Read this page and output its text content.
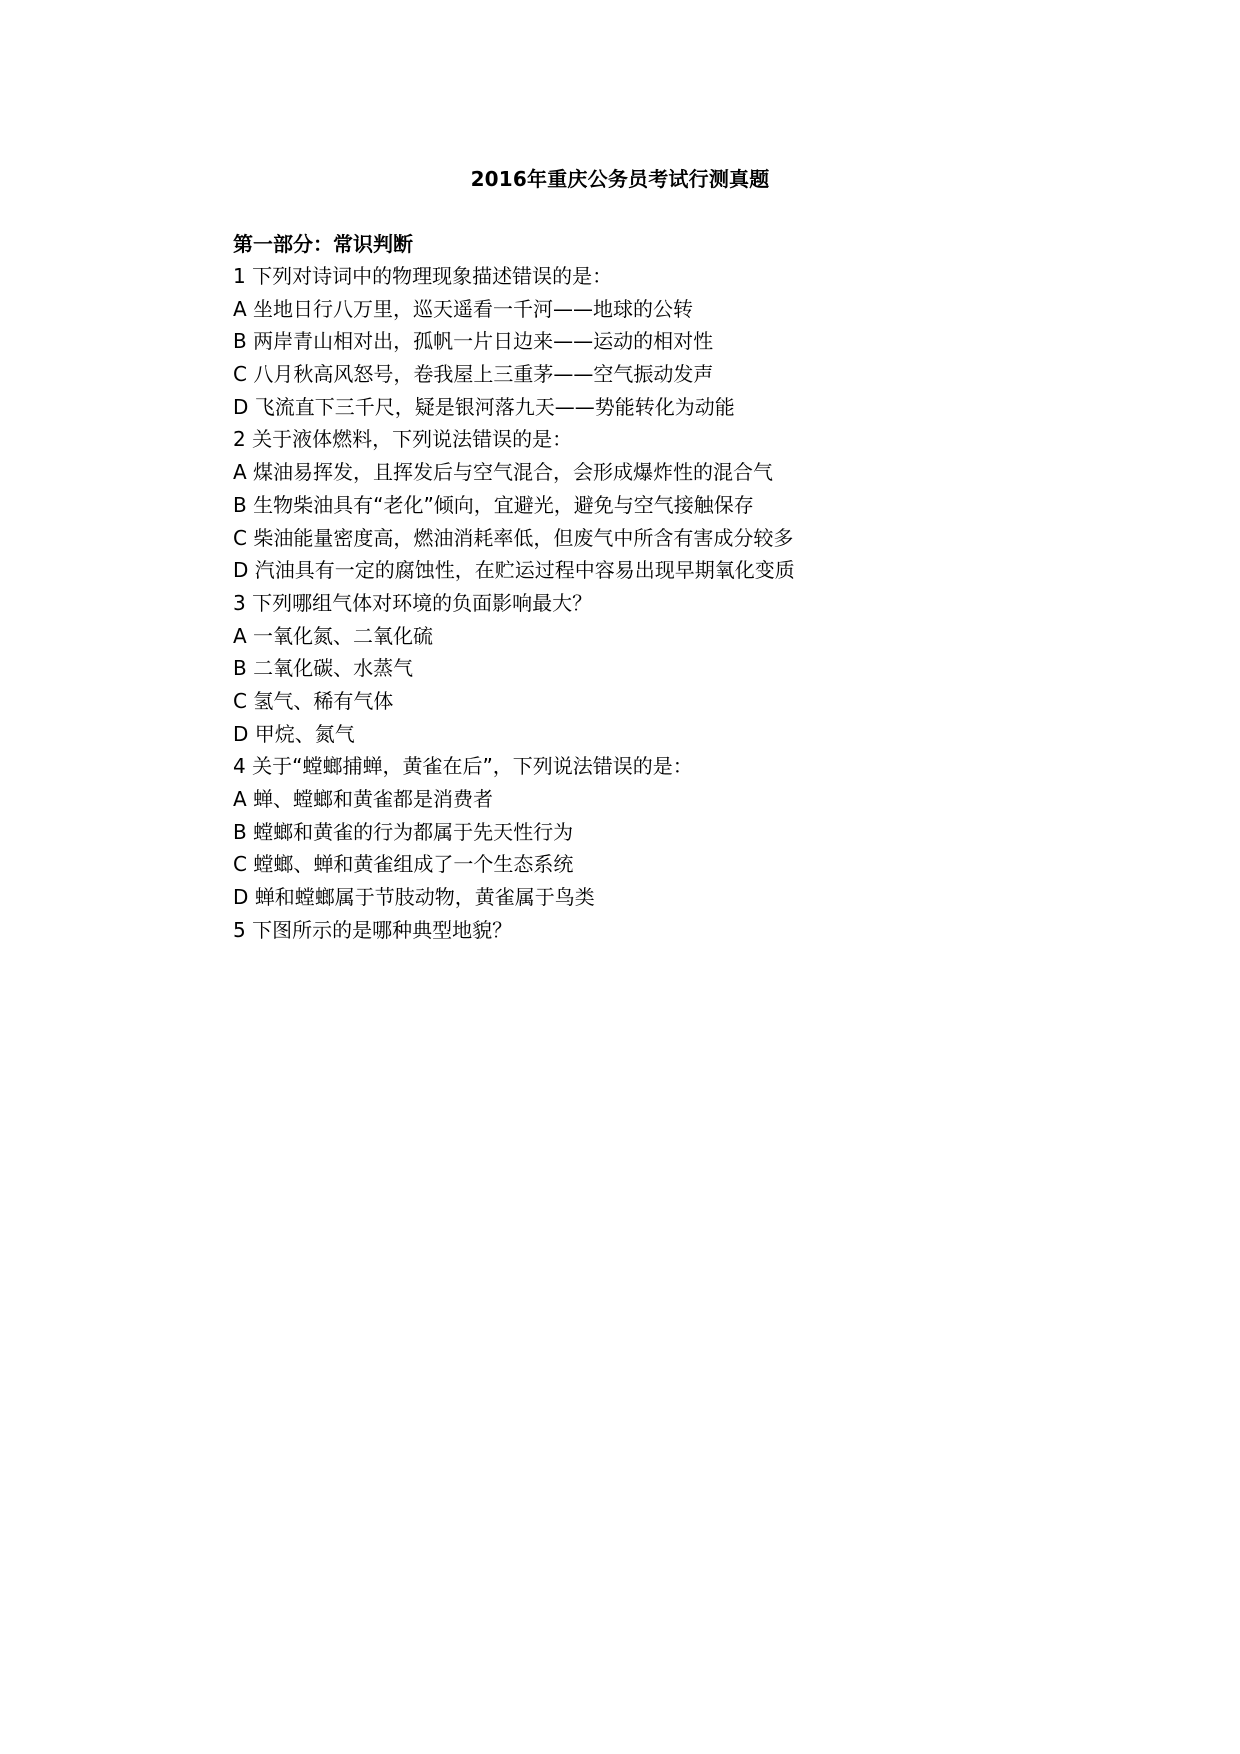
2016年重庆公务员考试行测真题
第一部分：常识判断
1 下列对诗词中的物理现象描述错误的是：
A 坐地日行八万里，巡天遥看一千河——地球的公转
B 两岸青山相对出，孤帆一片日边来——运动的相对性
C 八月秋高风怒号，卷我屋上三重茅——空气振动发声
D 飞流直下三千尺，疑是银河落九天——势能转化为动能
2 关于液体燃料，下列说法错误的是：
A 煤油易挥发，且挥发后与空气混合，会形成爆炸性的混合气
B 生物柴油具有“老化”倾向，宜避光，避免与空气接触保存
C 柴油能量密度高，燃油消耗率低，但废气中所含有害成分较多
D 汽油具有一定的腐蚀性，在贮运过程中容易出现早期氧化变质
3 下列哪组气体对环境的负面影响最大？
A 一氧化氮、二氧化硫
B 二氧化碳、水蒸气
C 氢气、稀有气体
D 甲烷、氮气
4 关于“螳螂捕蝉，黄雀在后”，下列说法错误的是：
A 蝉、螳螂和黄雀都是消费者
B 螳螂和黄雀的行为都属于先天性行为
C 螳螂、蝉和黄雀组成了一个生态系统
D 蝉和螳螂属于节肢动物，黄雀属于鸟类
5 下图所示的是哪种典型地貌？
